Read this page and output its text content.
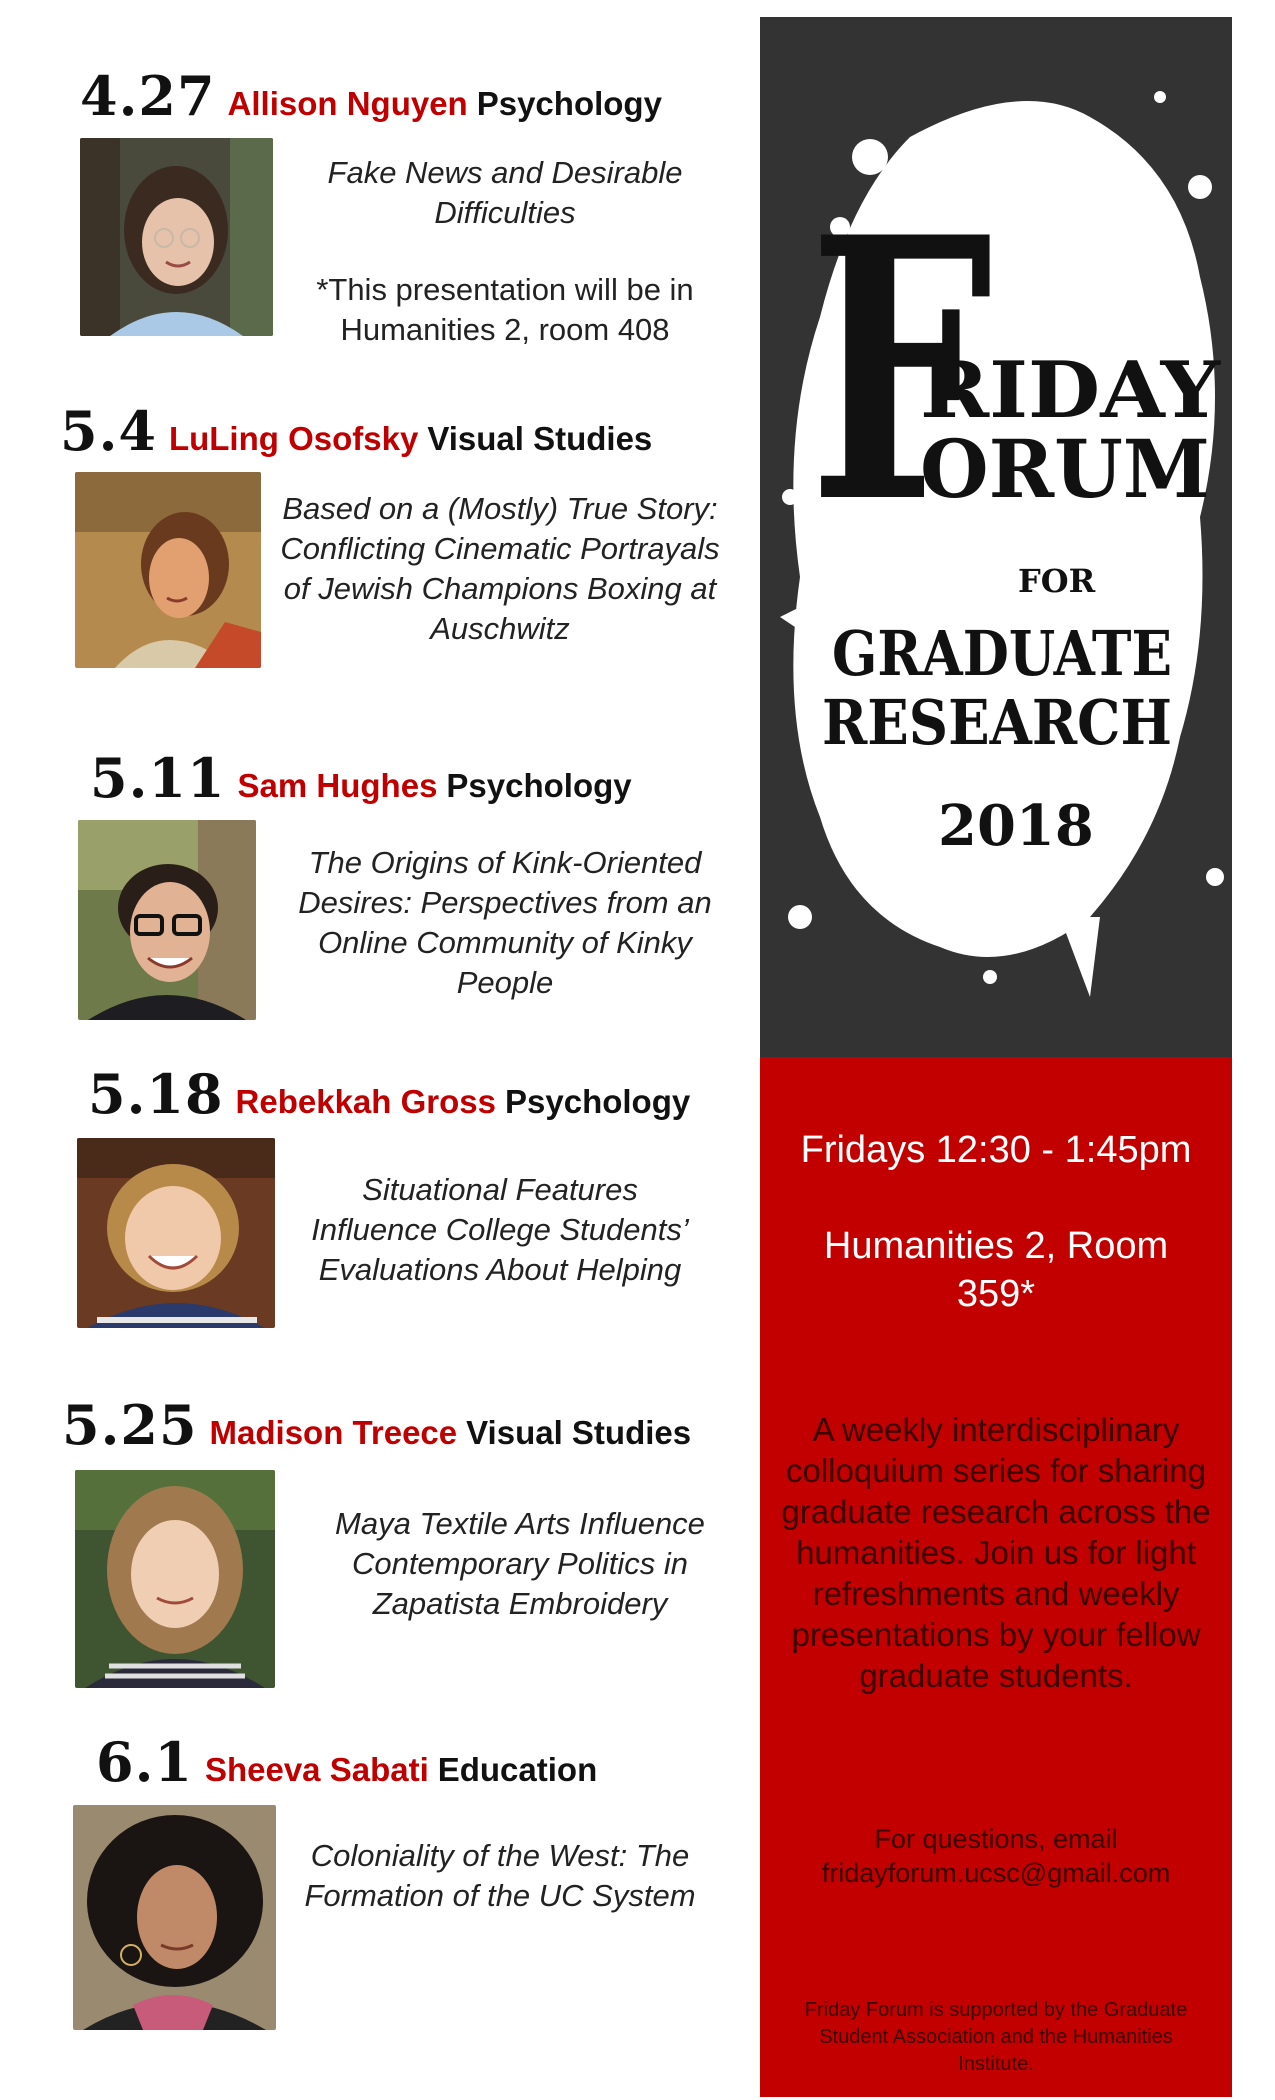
4.27 Allison Nguyen Psychology
Fake News and Desirable Difficulties
*This presentation will be in Humanities 2, room 408
5.4 LuLing Osofsky Visual Studies
Based on a (Mostly) True Story: Conflicting Cinematic Portrayals of Jewish Champions Boxing at Auschwitz
5.11 Sam Hughes Psychology
The Origins of Kink-Oriented Desires: Perspectives from an Online Community of Kinky People
5.18 Rebekkah Gross Psychology
Situational Features Influence College Students’ Evaluations About Helping
5.25 Madison Treece Visual Studies
Maya Textile Arts Influence Contemporary Politics in Zapatista Embroidery
6.1 Sheeva Sabati Education
Coloniality of the West: The Formation of the UC System
F
RIDAY
ORUM
FOR
GRADUATE
RESEARCH
2018
Fridays 12:30 - 1:45pm
Humanities 2, Room 359*
A weekly interdisciplinary colloquium series for sharing graduate research across the humanities. Join us for light refreshments and weekly presentations by your fellow graduate students.
For questions, email fridayforum.ucsc@gmail.com
Friday Forum is supported by the Graduate Student Association and the Humanities Institute.
